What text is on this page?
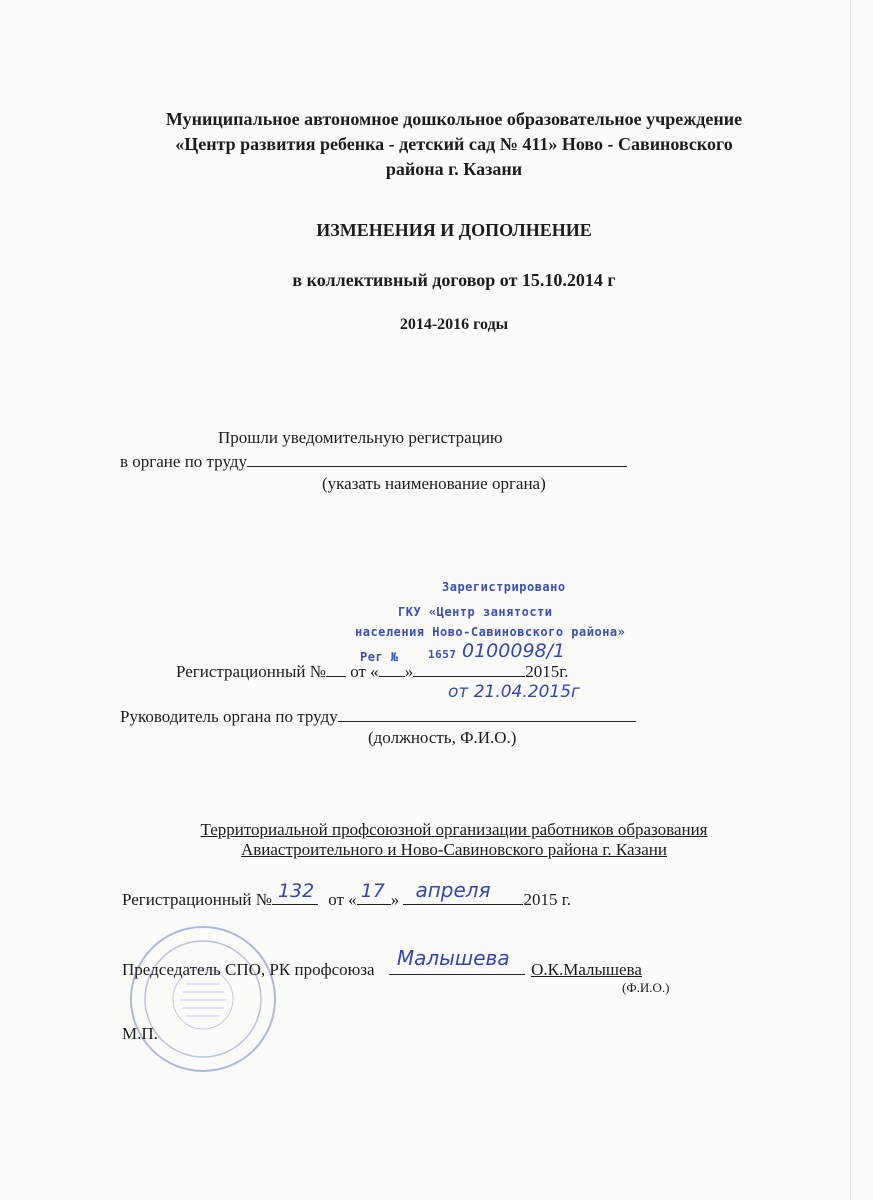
Муниципальное автономное дошкольное образовательное учреждение
«Центр развития ребенка - детский сад № 411» Ново - Савиновского
района г. Казани
ИЗМЕНЕНИЯ И ДОПОЛНЕНИЕ
в коллективный договор от 15.10.2014 г
2014-2016 годы
Прошли уведомительную регистрацию
в органе по труду
(указать наименование органа)
Зарегистрировано
ГКУ «Центр занятости
населения Ново-Савиновского района»
Рег №	1657 0100098/1
от 21.04.2015г
Регистрационный № от « »	2015г.
Руководитель органа по труду
(должность, Ф.И.О.)
Территориальной профсоюзной организации работников образования
Авиастроительного и Ново-Савиновского района г. Казани
Регистрационный № 132 от « 17 » апреля 2015 г.
Председатель СПО, РК профсоюза Малышева О.К.Малышева
(Ф.И.О.)
М.П.
